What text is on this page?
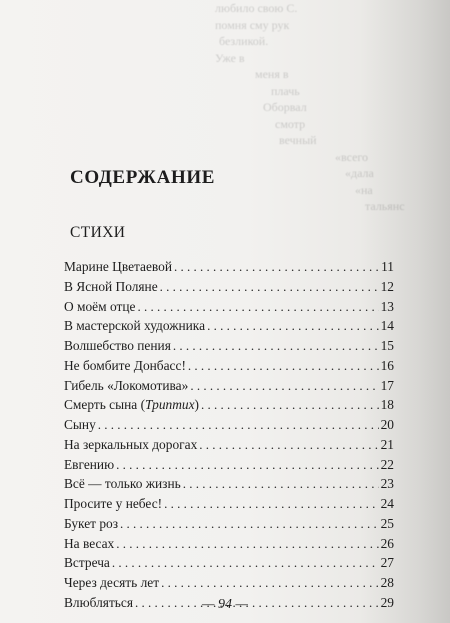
любило свою С.
помня сму рук
безликой.
Уже в
меня в
плачь
Оборвал
смотр
вечный
«всего
«дала
«на
тальянс
СОДЕРЖАНИЕ
СТИХИ
Марине Цветаевой . . .	11
В Ясной Поляне . . .	12
О моём отце . . .	13
В мастерской художника . . .	14
Волшебство пения . . .	15
Не бомбите Донбасс! . . .	16
Гибель «Локомотива» . . .	17
Смерть сына (Триптих) . . .	18
Сыну . . .	20
На зеркальных дорогах . . .	21
Евгению . . .	22
Всё — только жизнь . . .	23
Просите у небес! . . .	24
Букет роз . . .	25
На весах . . .	26
Встреча . . .	27
Через десять лет . . .	28
Влюбляться . . .	29
— 94 —
